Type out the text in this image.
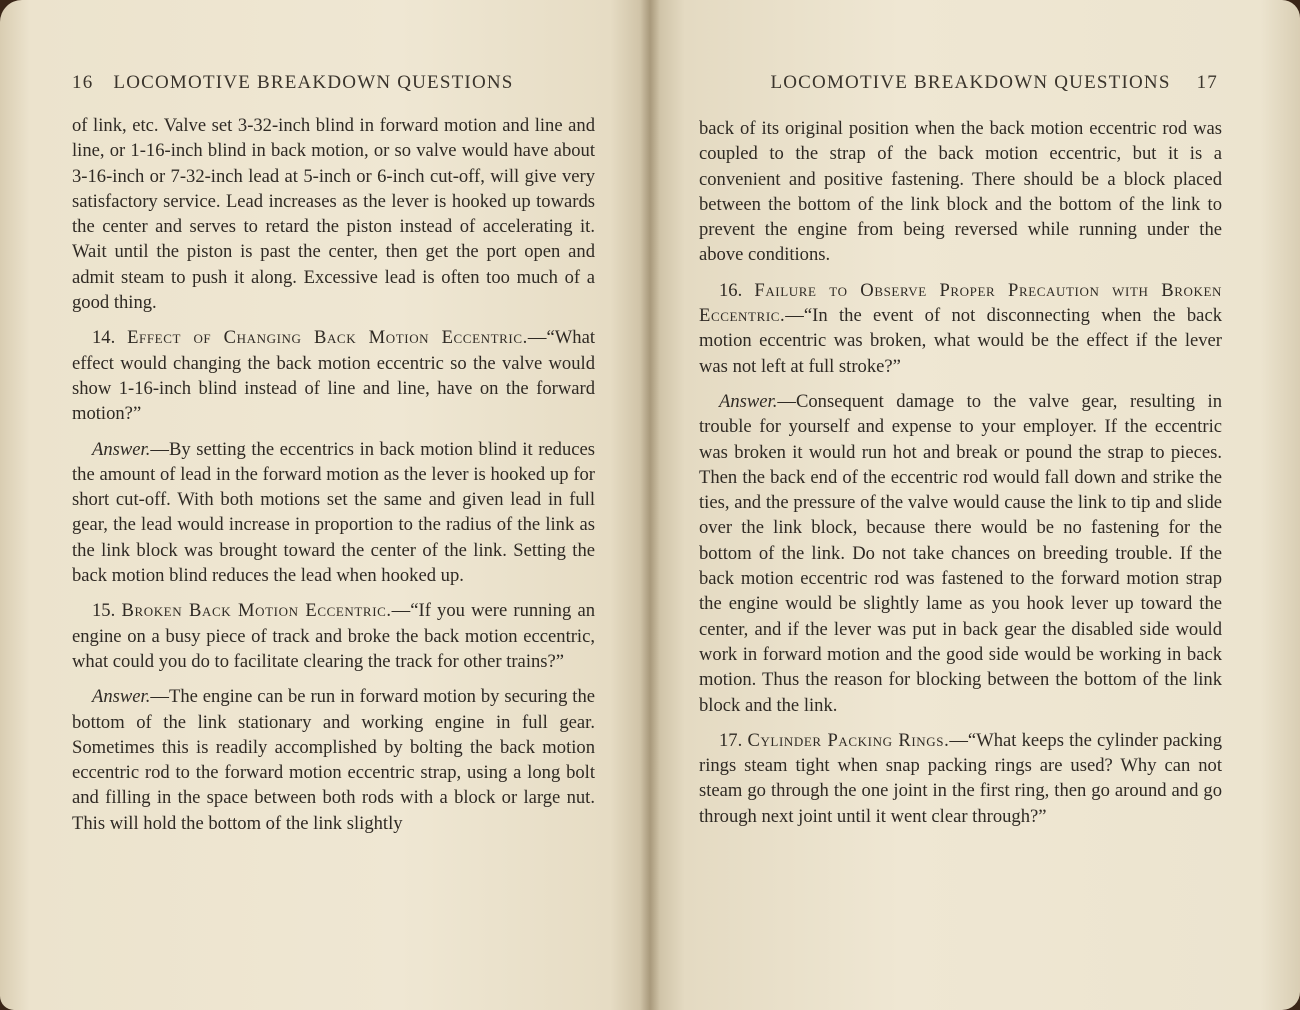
16 LOCOMOTIVE BREAKDOWN QUESTIONS

of link, etc. Valve set 3-32-inch blind in forward motion and line and line, or 1-16-inch blind in back motion, or so valve would have about 3-16-inch or 7-32-inch lead at 5-inch or 6-inch cut-off, will give very satisfactory service. Lead increases as the lever is hooked up towards the center and serves to retard the piston instead of accelerating it. Wait until the piston is past the center, then get the port open and admit steam to push it along. Excessive lead is often too much of a good thing.

14. Effect of Changing Back Motion Eccentric.—“What effect would changing the back motion eccentric so the valve would show 1-16-inch blind instead of line and line, have on the forward motion?”

Answer.—By setting the eccentrics in back motion blind it reduces the amount of lead in the forward motion as the lever is hooked up for short cut-off. With both motions set the same and given lead in full gear, the lead would increase in proportion to the radius of the link as the link block was brought toward the center of the link. Setting the back motion blind reduces the lead when hooked up.

15. Broken Back Motion Eccentric.—“If you were running an engine on a busy piece of track and broke the back motion eccentric, what could you do to facilitate clearing the track for other trains?”

Answer.—The engine can be run in forward motion by securing the bottom of the link stationary and working engine in full gear. Sometimes this is readily accomplished by bolting the back motion eccentric rod to the forward motion eccentric strap, using a long bolt and filling in the space between both rods with a block or large nut. This will hold the bottom of the link slightly

LOCOMOTIVE BREAKDOWN QUESTIONS 17

back of its original position when the back motion eccentric rod was coupled to the strap of the back motion eccentric, but it is a convenient and positive fastening. There should be a block placed between the bottom of the link block and the bottom of the link to prevent the engine from being reversed while running under the above conditions.

16. Failure to Observe Proper Precaution with Broken Eccentric.—“In the event of not disconnecting when the back motion eccentric was broken, what would be the effect if the lever was not left at full stroke?”

Answer.—Consequent damage to the valve gear, resulting in trouble for yourself and expense to your employer. If the eccentric was broken it would run hot and break or pound the strap to pieces. Then the back end of the eccentric rod would fall down and strike the ties, and the pressure of the valve would cause the link to tip and slide over the link block, because there would be no fastening for the bottom of the link. Do not take chances on breeding trouble. If the back motion eccentric rod was fastened to the forward motion strap the engine would be slightly lame as you hook lever up toward the center, and if the lever was put in back gear the disabled side would work in forward motion and the good side would be working in back motion. Thus the reason for blocking between the bottom of the link block and the link.

17. Cylinder Packing Rings.—“What keeps the cylinder packing rings steam tight when snap packing rings are used? Why can not steam go through the one joint in the first ring, then go around and go through next joint until it went clear through?”
